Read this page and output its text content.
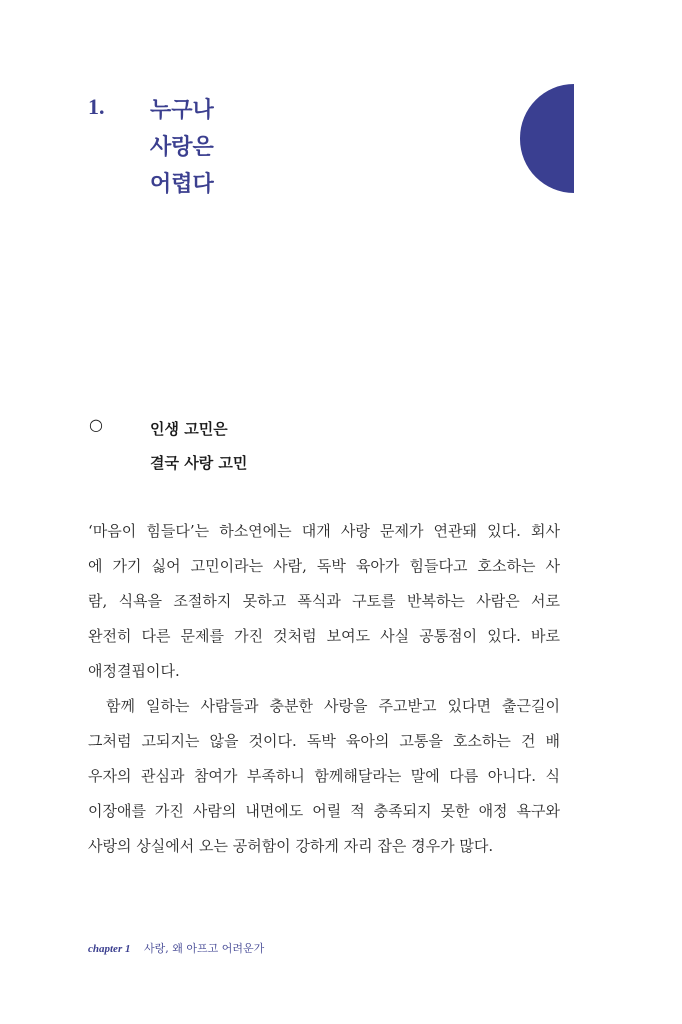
1. 누구나
사랑은
어렵다
○	인생 고민은
결국 사랑 고민
‘마음이 힘들다’는 하소연에는 대개 사랑 문제가 연관돼 있다. 회사
에 가기 싫어 고민이라는 사람, 독박 육아가 힘들다고 호소하는 사
람, 식욕을 조절하지 못하고 폭식과 구토를 반복하는 사람은 서로
완전히 다른 문제를 가진 것처럼 보여도 사실 공통점이 있다. 바로
애정결핍이다.
함께 일하는 사람들과 충분한 사랑을 주고받고 있다면 출근길이
그처럼 고되지는 않을 것이다. 독박 육아의 고통을 호소하는 건 배
우자의 관심과 참여가 부족하니 함께해달라는 말에 다름 아니다. 식
이장애를 가진 사람의 내면에도 어릴 적 충족되지 못한 애정 욕구와
사랑의 상실에서 오는 공허함이 강하게 자리 잡은 경우가 많다.
chapter 1 사랑, 왜 아프고 어려운가
